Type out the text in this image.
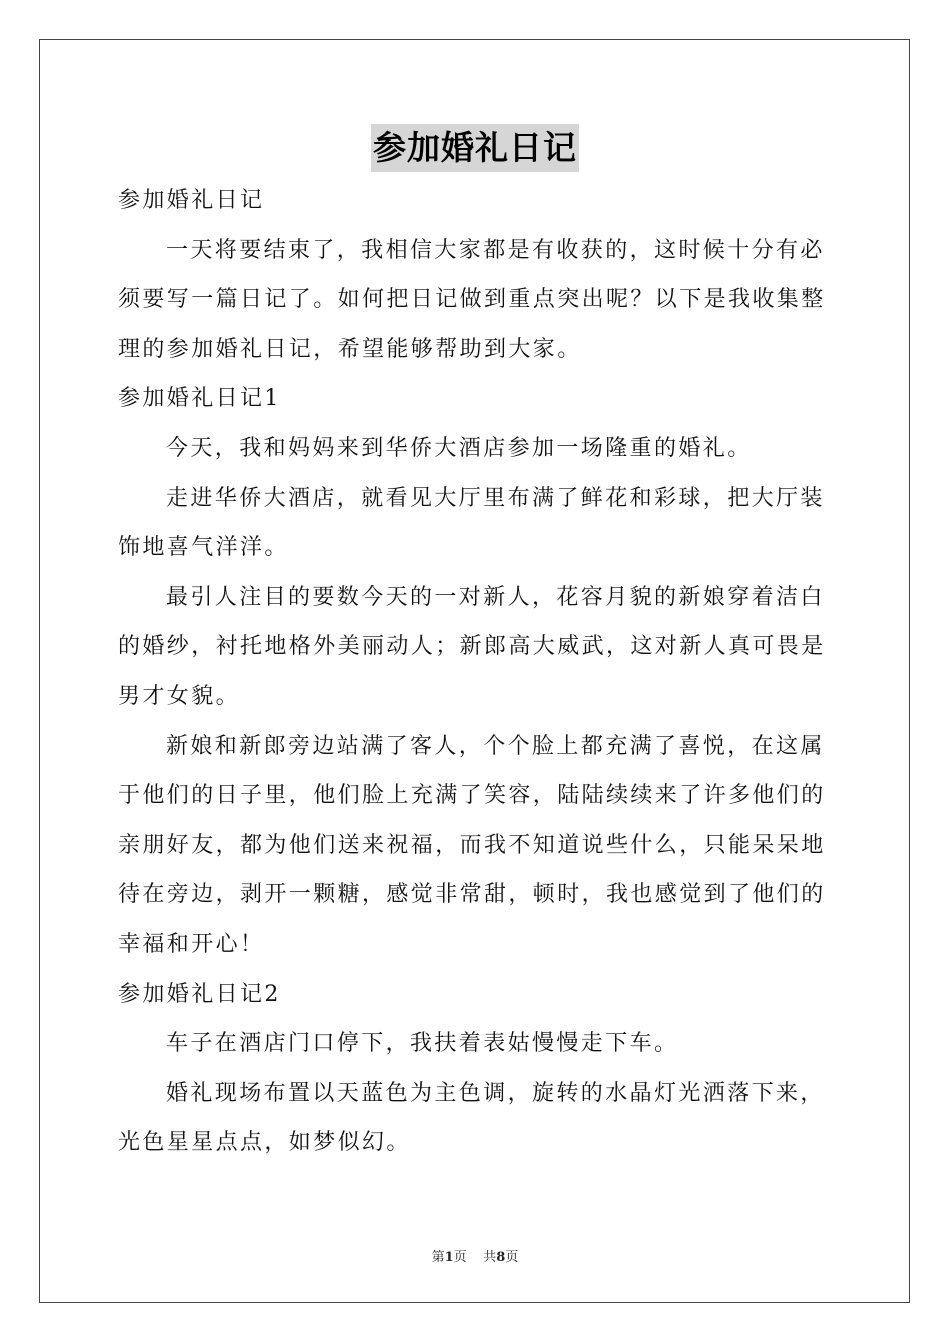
参加婚礼日记

参加婚礼日记

一天将要结束了，我相信大家都是有收获的，这时候十分有必须要写一篇日记了。如何把日记做到重点突出呢？以下是我收集整理的参加婚礼日记，希望能够帮助到大家。

参加婚礼日记1

今天，我和妈妈来到华侨大酒店参加一场隆重的婚礼。

走进华侨大酒店，就看见大厅里布满了鲜花和彩球，把大厅装饰地喜气洋洋。

最引人注目的要数今天的一对新人，花容月貌的新娘穿着洁白的婚纱，衬托地格外美丽动人；新郎高大威武，这对新人真可畏是男才女貌。

新娘和新郎旁边站满了客人，个个脸上都充满了喜悦，在这属于他们的日子里，他们脸上充满了笑容，陆陆续续来了许多他们的亲朋好友，都为他们送来祝福，而我不知道说些什么，只能呆呆地待在旁边，剥开一颗糖，感觉非常甜，顿时，我也感觉到了他们的幸福和开心！

参加婚礼日记2

车子在酒店门口停下，我扶着表姑慢慢走下车。

婚礼现场布置以天蓝色为主色调，旋转的水晶灯光洒落下来，光色星星点点，如梦似幻。

第1页 共8页
